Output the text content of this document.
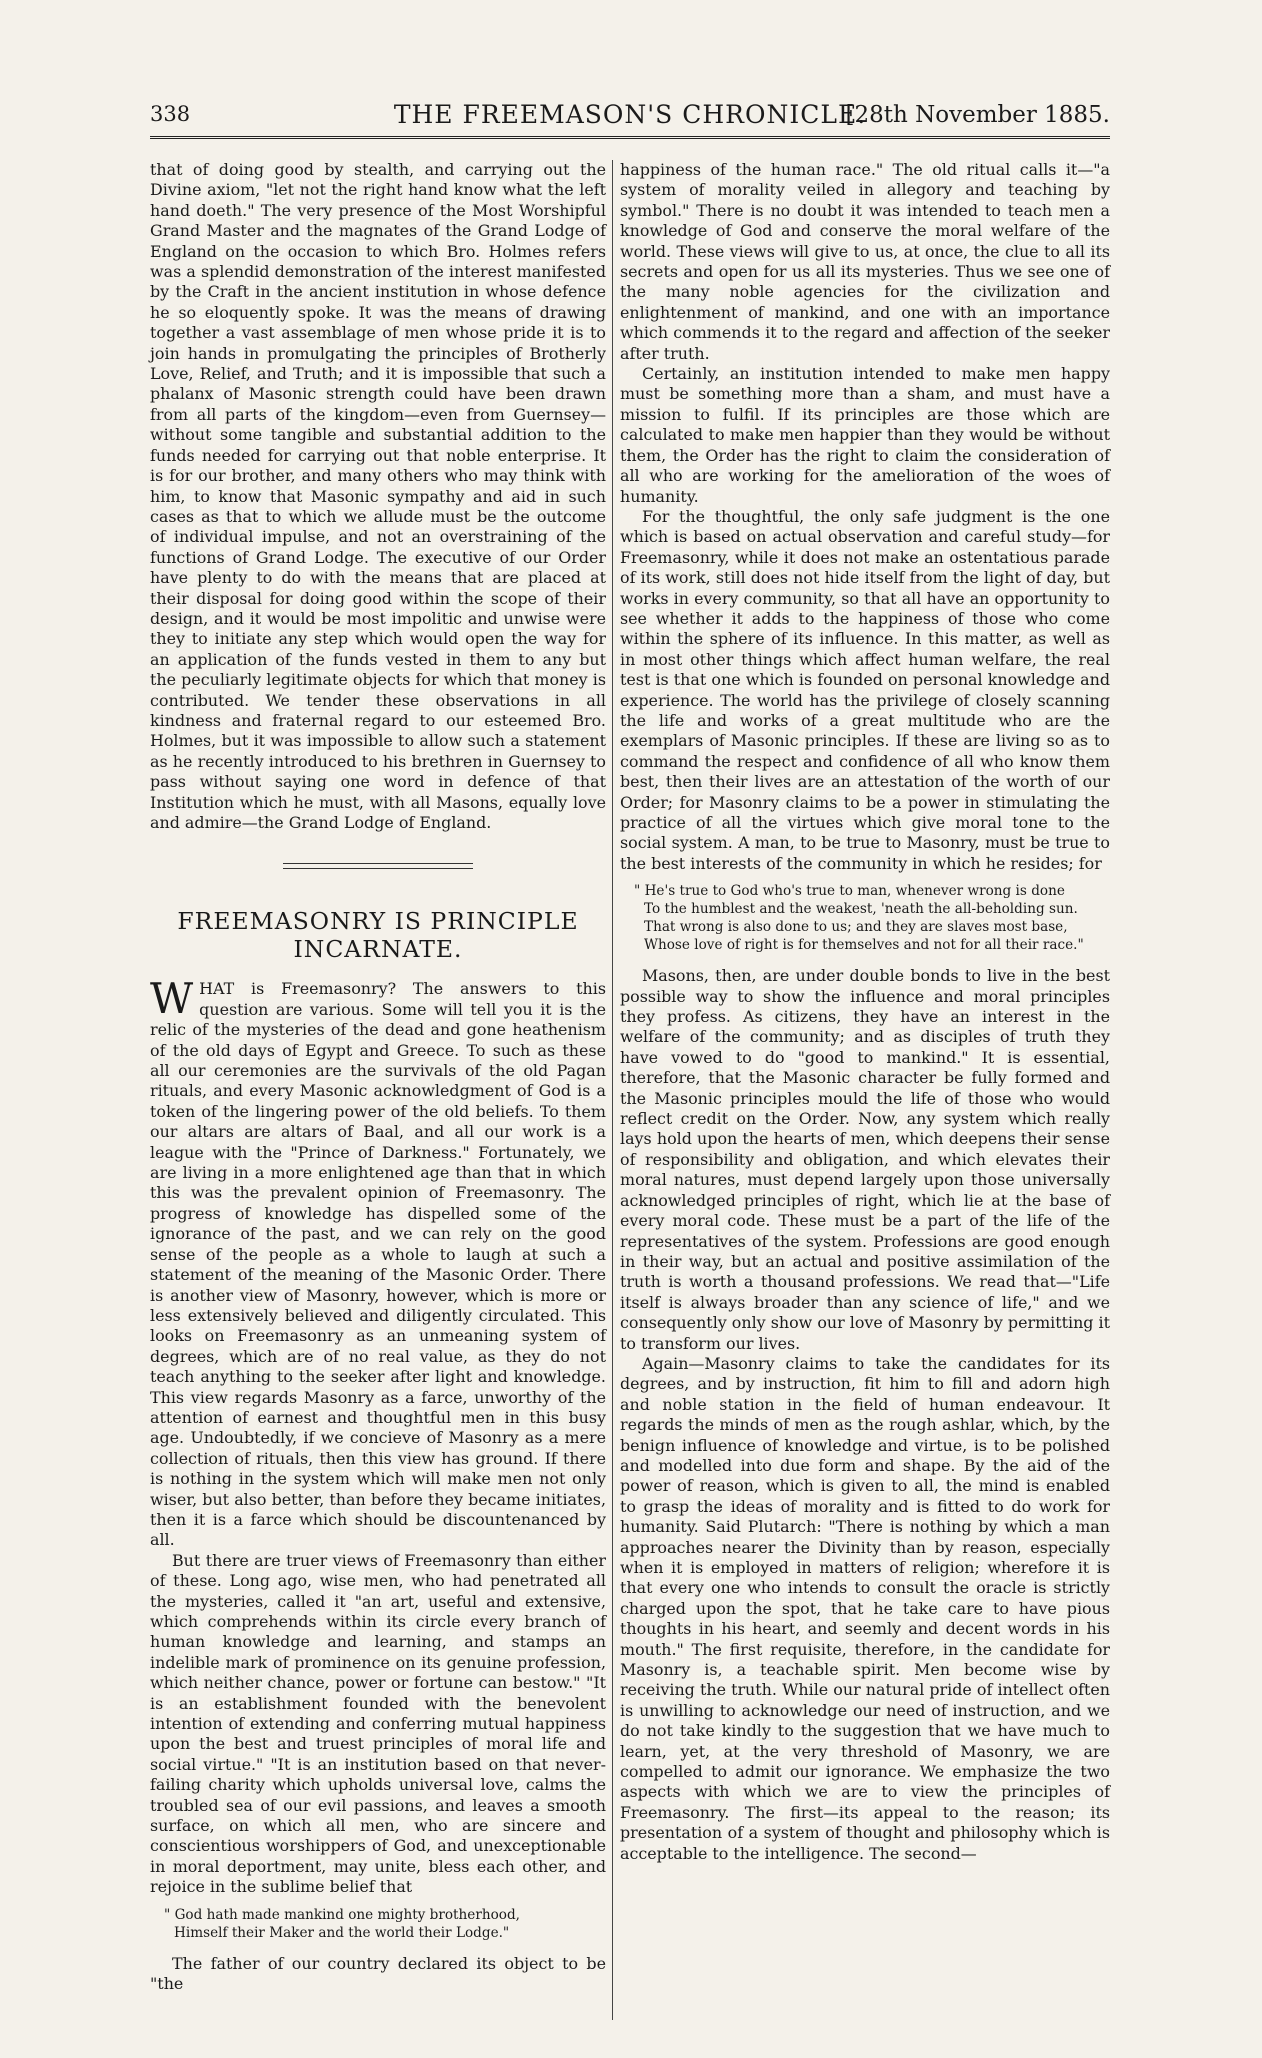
338	THE FREEMASON'S CHRONICLE.
[28th November 1885.

that of doing good by stealth, and carrying out the Divine axiom, "let not the right hand know what the left hand doeth." The very presence of the Most Worshipful Grand Master and the magnates of the Grand Lodge of England on the occasion to which Bro. Holmes refers was a splendid demonstration of the interest manifested by the Craft in the ancient institution in whose defence he so eloquently spoke. It was the means of drawing together a vast assemblage of men whose pride it is to join hands in promulgating the principles of Brotherly Love, Relief, and Truth; and it is impossible that such a phalanx of Masonic strength could have been drawn from all parts of the kingdom—even from Guernsey—without some tangible and substantial addition to the funds needed for carrying out that noble enterprise. It is for our brother, and many others who may think with him, to know that Masonic sympathy and aid in such cases as that to which we allude must be the outcome of individual impulse, and not an overstraining of the functions of Grand Lodge. The executive of our Order have plenty to do with the means that are placed at their disposal for doing good within the scope of their design, and it would be most impolitic and unwise were they to initiate any step which would open the way for an application of the funds vested in them to any but the peculiarly legitimate objects for which that money is contributed. We tender these observations in all kindness and fraternal regard to our esteemed Bro. Holmes, but it was impossible to allow such a statement as he recently introduced to his brethren in Guernsey to pass without saying one word in defence of that Institution which he must, with all Masons, equally love and admire—the Grand Lodge of England.

FREEMASONRY IS PRINCIPLE
INCARNATE.

WHAT is Freemasonry? The answers to this question are various. Some will tell you it is the relic of the mysteries of the dead and gone heathenism of the old days of Egypt and Greece. To such as these all our ceremonies are the survivals of the old Pagan rituals, and every Masonic acknowledgment of God is a token of the lingering power of the old beliefs. To them our altars are altars of Baal, and all our work is a league with the "Prince of Darkness." Fortunately, we are living in a more enlightened age than that in which this was the prevalent opinion of Freemasonry. The progress of knowledge has dispelled some of the ignorance of the past, and we can rely on the good sense of the people as a whole to laugh at such a statement of the meaning of the Masonic Order. There is another view of Masonry, however, which is more or less extensively believed and diligently circulated. This looks on Freemasonry as an unmeaning system of degrees, which are of no real value, as they do not teach anything to the seeker after light and knowledge. This view regards Masonry as a farce, unworthy of the attention of earnest and thoughtful men in this busy age. Undoubtedly, if we concieve of Masonry as a mere collection of rituals, then this view has ground. If there is nothing in the system which will make men not only wiser, but also better, than before they became initiates, then it is a farce which should be discountenanced by all.

But there are truer views of Freemasonry than either of these. Long ago, wise men, who had penetrated all the mysteries, called it "an art, useful and extensive, which comprehends within its circle every branch of human knowledge and learning, and stamps an indelible mark of prominence on its genuine profession, which neither chance, power or fortune can bestow." "It is an establishment founded with the benevolent intention of extending and conferring mutual happiness upon the best and truest principles of moral life and social virtue." "It is an institution based on that never-failing charity which upholds universal love, calms the troubled sea of our evil passions, and leaves a smooth surface, on which all men, who are sincere and conscientious worshippers of God, and unexceptionable in moral deportment, may unite, bless each other, and rejoice in the sublime belief that

" God hath made mankind one mighty brotherhood,
Himself their Maker and the world their Lodge."

The father of our country declared its object to be "the

happiness of the human race." The old ritual calls it—"a system of morality veiled in allegory and teaching by symbol." There is no doubt it was intended to teach men a knowledge of God and conserve the moral welfare of the world. These views will give to us, at once, the clue to all its secrets and open for us all its mysteries. Thus we see one of the many noble agencies for the civilization and enlightenment of mankind, and one with an importance which commends it to the regard and affection of the seeker after truth.

Certainly, an institution intended to make men happy must be something more than a sham, and must have a mission to fulfil. If its principles are those which are calculated to make men happier than they would be without them, the Order has the right to claim the consideration of all who are working for the amelioration of the woes of humanity.

For the thoughtful, the only safe judgment is the one which is based on actual observation and careful study—for Freemasonry, while it does not make an ostentatious parade of its work, still does not hide itself from the light of day, but works in every community, so that all have an opportunity to see whether it adds to the happiness of those who come within the sphere of its influence. In this matter, as well as in most other things which affect human welfare, the real test is that one which is founded on personal knowledge and experience. The world has the privilege of closely scanning the life and works of a great multitude who are the exemplars of Masonic principles. If these are living so as to command the respect and confidence of all who know them best, then their lives are an attestation of the worth of our Order; for Masonry claims to be a power in stimulating the practice of all the virtues which give moral tone to the social system. A man, to be true to Masonry, must be true to the best interests of the community in which he resides; for

" He's true to God who's true to man, whenever wrong is done
To the humblest and the weakest, 'neath the all-beholding sun.
That wrong is also done to us; and they are slaves most base,
Whose love of right is for themselves and not for all their race."

Masons, then, are under double bonds to live in the best possible way to show the influence and moral principles they profess. As citizens, they have an interest in the welfare of the community; and as disciples of truth they have vowed to do "good to mankind." It is essential, therefore, that the Masonic character be fully formed and the Masonic principles mould the life of those who would reflect credit on the Order. Now, any system which really lays hold upon the hearts of men, which deepens their sense of responsibility and obligation, and which elevates their moral natures, must depend largely upon those universally acknowledged principles of right, which lie at the base of every moral code. These must be a part of the life of the representatives of the system. Professions are good enough in their way, but an actual and positive assimilation of the truth is worth a thousand professions. We read that—"Life itself is always broader than any science of life," and we consequently only show our love of Masonry by permitting it to transform our lives.

Again—Masonry claims to take the candidates for its degrees, and by instruction, fit him to fill and adorn high and noble station in the field of human endeavour. It regards the minds of men as the rough ashlar, which, by the benign influence of knowledge and virtue, is to be polished and modelled into due form and shape. By the aid of the power of reason, which is given to all, the mind is enabled to grasp the ideas of morality and is fitted to do work for humanity. Said Plutarch: "There is nothing by which a man approaches nearer the Divinity than by reason, especially when it is employed in matters of religion; wherefore it is that every one who intends to consult the oracle is strictly charged upon the spot, that he take care to have pious thoughts in his heart, and seemly and decent words in his mouth." The first requisite, therefore, in the candidate for Masonry is, a teachable spirit. Men become wise by receiving the truth. While our natural pride of intellect often is unwilling to acknowledge our need of instruction, and we do not take kindly to the suggestion that we have much to learn, yet, at the very threshold of Masonry, we are compelled to admit our ignorance. We emphasize the two aspects with which we are to view the principles of Freemasonry. The first—its appeal to the reason; its presentation of a system of thought and philosophy which is acceptable to the intelligence. The second—
